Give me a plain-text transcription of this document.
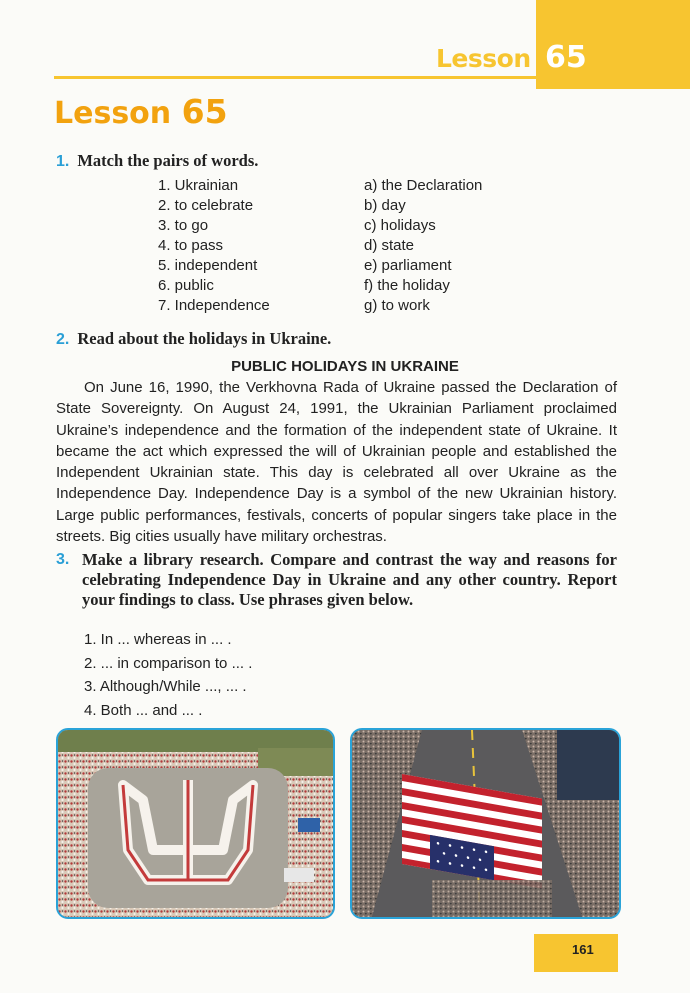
Lesson 65
Lesson 65
1. Match the pairs of words.
1. Ukrainian
2. to celebrate
3. to go
4. to pass
5. independent
6. public
7. Independence
a) the Declaration
b) day
c) holidays
d) state
e) parliament
f) the holiday
g) to work
2. Read about the holidays in Ukraine.
PUBLIC HOLIDAYS IN UKRAINE

On June 16, 1990, the Verkhovna Rada of Ukraine passed the Declaration of State Sovereignty. On August 24, 1991, the Ukrainian Parliament proclaimed Ukraine’s independence and the formation of the independent state of Ukraine. It became the act which expressed the will of Ukrainian people and established the Independent Ukrainian state. This day is celebrated all over Ukraine as the Independence Day. Independence Day is a symbol of the new Ukrainian history. Large public performances, festivals, concerts of popular singers take place in the streets. Big cities usually have military orchestras.

3. Make a library research. Compare and contrast the way and reasons for celebrating Independence Day in Ukraine and any other country. Report your findings to class. Use phrases given below.
1. In ... whereas in ... .
2. ... in comparison to ... .
3. Although/While ..., ... .
4. Both ... and ... .
161
